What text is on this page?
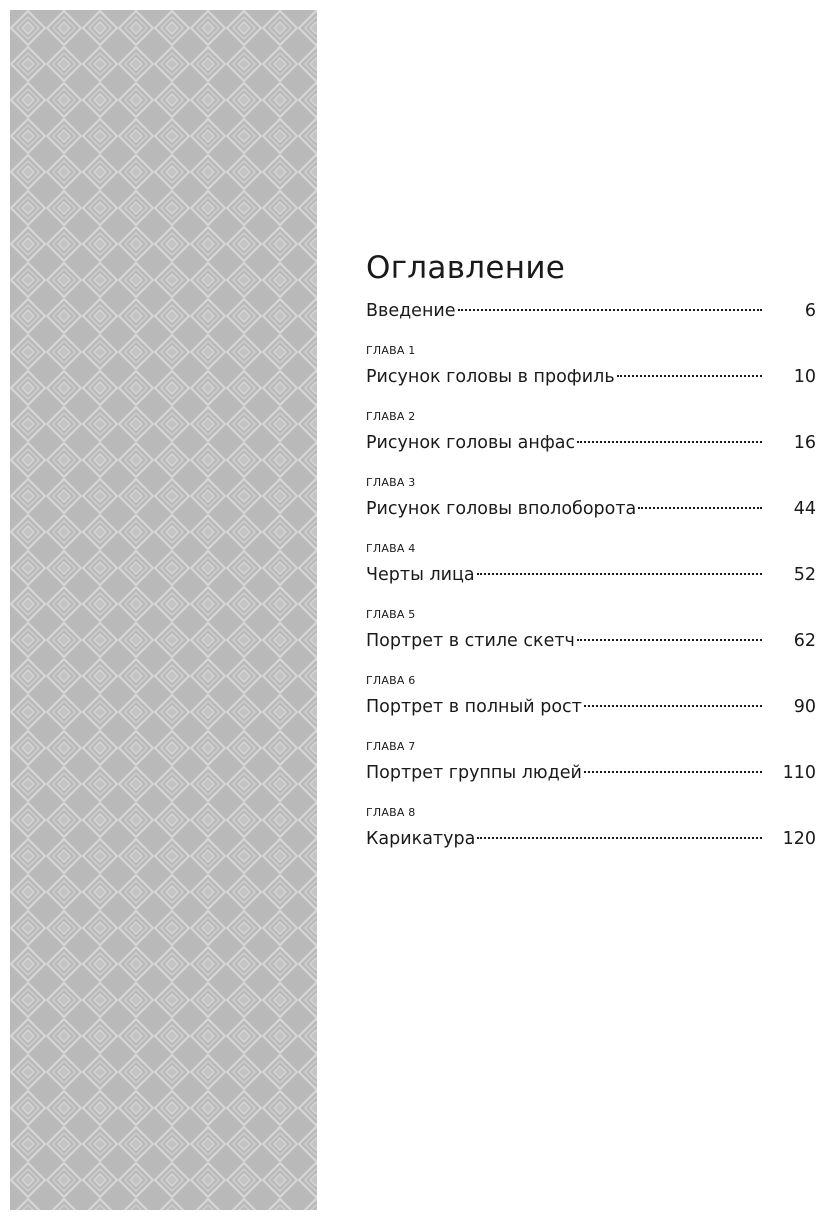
Оглавление
Введение	6
ГЛАВА 1
Рисунок головы в профиль	10
ГЛАВА 2
Рисунок головы анфас	16
ГЛАВА 3
Рисунок головы вполоборота	44
ГЛАВА 4
Черты лица	52
ГЛАВА 5
Портрет в стиле скетч	62
ГЛАВА 6
Портрет в полный рост	90
ГЛАВА 7
Портрет группы людей	110
ГЛАВА 8
Карикатура	120
